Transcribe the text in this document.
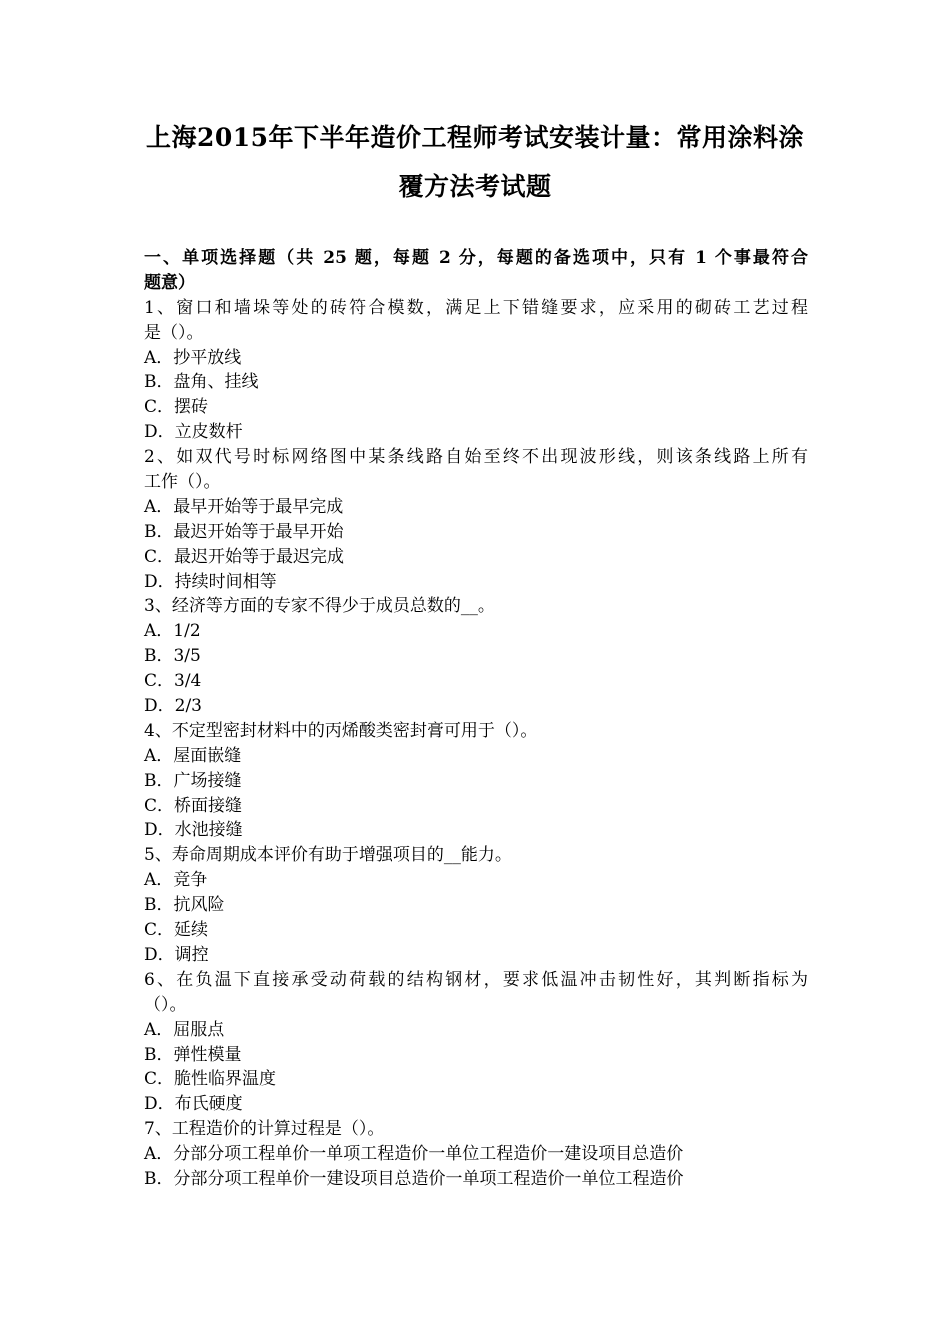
上海2015年下半年造价工程师考试安装计量：常用涂料涂
覆方法考试题
一、单项选择题（共 25 题，每题 2 分，每题的备选项中，只有 1 个事最符合
题意）
1、窗口和墙垛等处的砖符合模数，满足上下错缝要求，应采用的砌砖工艺过程
是（）。
A．抄平放线
B．盘角、挂线
C．摆砖
D．立皮数杆
2、如双代号时标网络图中某条线路自始至终不出现波形线，则该条线路上所有
工作（）。
A．最早开始等于最早完成
B．最迟开始等于最早开始
C．最迟开始等于最迟完成
D．持续时间相等
3、经济等方面的专家不得少于成员总数的__。
A．1/2
B．3/5
C．3/4
D．2/3
4、不定型密封材料中的丙烯酸类密封膏可用于（）。
A．屋面嵌缝
B．广场接缝
C．桥面接缝
D．水池接缝
5、寿命周期成本评价有助于增强项目的__能力。
A．竞争
B．抗风险
C．延续
D．调控
6、在负温下直接承受动荷载的结构钢材，要求低温冲击韧性好，其判断指标为
（）。
A．屈服点
B．弹性模量
C．脆性临界温度
D．布氏硬度
7、工程造价的计算过程是（）。
A．分部分项工程单价一单项工程造价一单位工程造价一建设项目总造价
B．分部分项工程单价一建设项目总造价一单项工程造价一单位工程造价
